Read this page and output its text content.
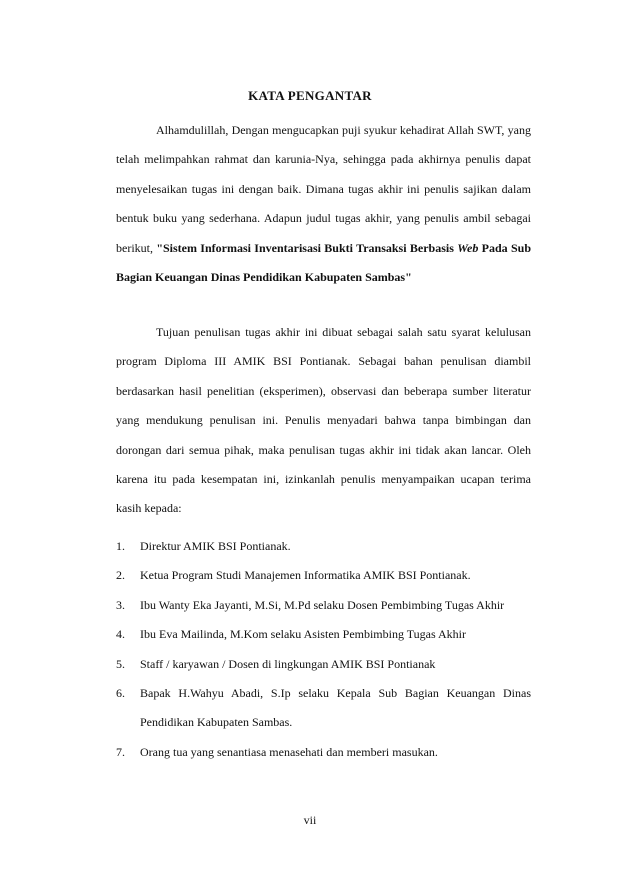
KATA PENGANTAR

Alhamdulillah, Dengan mengucapkan puji syukur kehadirat Allah SWT, yang telah melimpahkan rahmat dan karunia-Nya, sehingga pada akhirnya penulis dapat menyelesaikan tugas ini dengan baik. Dimana tugas akhir ini penulis sajikan dalam bentuk buku yang sederhana. Adapun judul tugas akhir, yang penulis ambil sebagai berikut, "Sistem Informasi Inventarisasi Bukti Transaksi Berbasis Web Pada Sub Bagian Keuangan Dinas Pendidikan Kabupaten Sambas"

Tujuan penulisan tugas akhir ini dibuat sebagai salah satu syarat kelulusan program Diploma III AMIK BSI Pontianak. Sebagai bahan penulisan diambil berdasarkan hasil penelitian (eksperimen), observasi dan beberapa sumber literatur yang mendukung penulisan ini. Penulis menyadari bahwa tanpa bimbingan dan dorongan dari semua pihak, maka penulisan tugas akhir ini tidak akan lancar. Oleh karena itu pada kesempatan ini, izinkanlah penulis menyampaikan ucapan terima kasih kepada:

1. Direktur AMIK BSI Pontianak.
2. Ketua Program Studi Manajemen Informatika AMIK BSI Pontianak.
3. Ibu Wanty Eka Jayanti, M.Si, M.Pd selaku Dosen Pembimbing Tugas Akhir
4. Ibu Eva Mailinda, M.Kom selaku Asisten Pembimbing Tugas Akhir
5. Staff / karyawan / Dosen di lingkungan AMIK BSI Pontianak
6. Bapak H.Wahyu Abadi, S.Ip selaku Kepala Sub Bagian Keuangan Dinas Pendidikan Kabupaten Sambas.
7. Orang tua yang senantiasa menasehati dan memberi masukan.
vii
